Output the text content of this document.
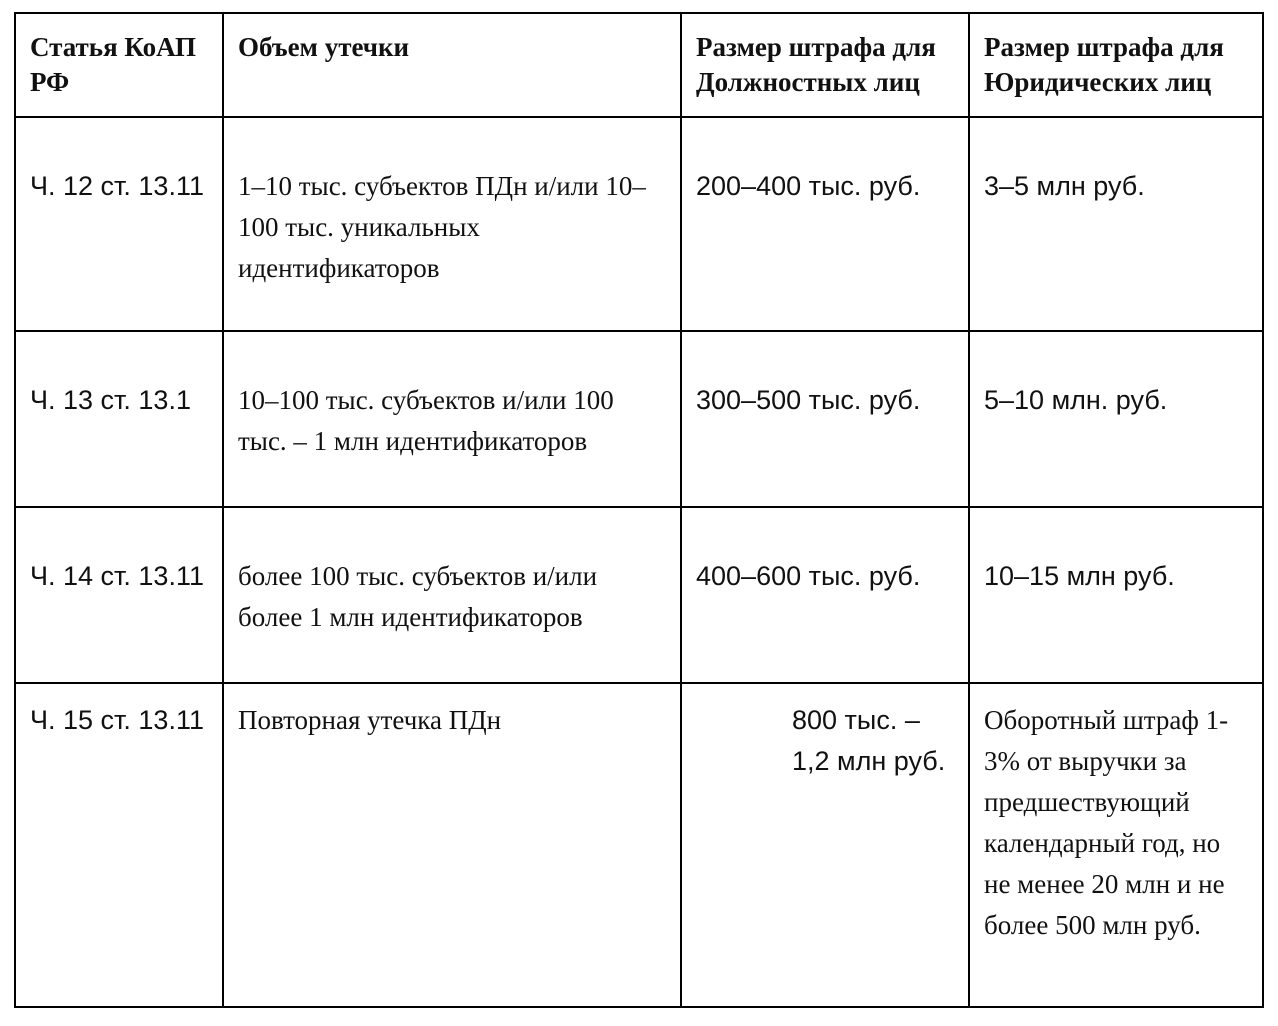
Статья КоАП РФ	Объем утечки	Размер штрафа для Должностных лиц	Размер штрафа для Юридических лиц
Ч. 12 ст. 13.11	1–10 тыс. субъектов ПДн и/или 10–100 тыс. уникальных идентификаторов	200–400 тыс. руб.	3–5 млн руб.
Ч. 13 ст. 13.1	10–100 тыс. субъектов и/или 100 тыс. – 1 млн идентификаторов	300–500 тыс. руб.	5–10 млн. руб.
Ч. 14 ст. 13.11	более 100 тыс. субъектов и/или более 1 млн идентификаторов	400–600 тыс. руб.	10–15 млн руб.
Ч. 15 ст. 13.11	Повторная утечка ПДн	800 тыс. – 1,2 млн руб.	Оборотный штраф 1-3% от выручки за предшествующий календарный год, но не менее 20 млн и не более 500 млн руб.
